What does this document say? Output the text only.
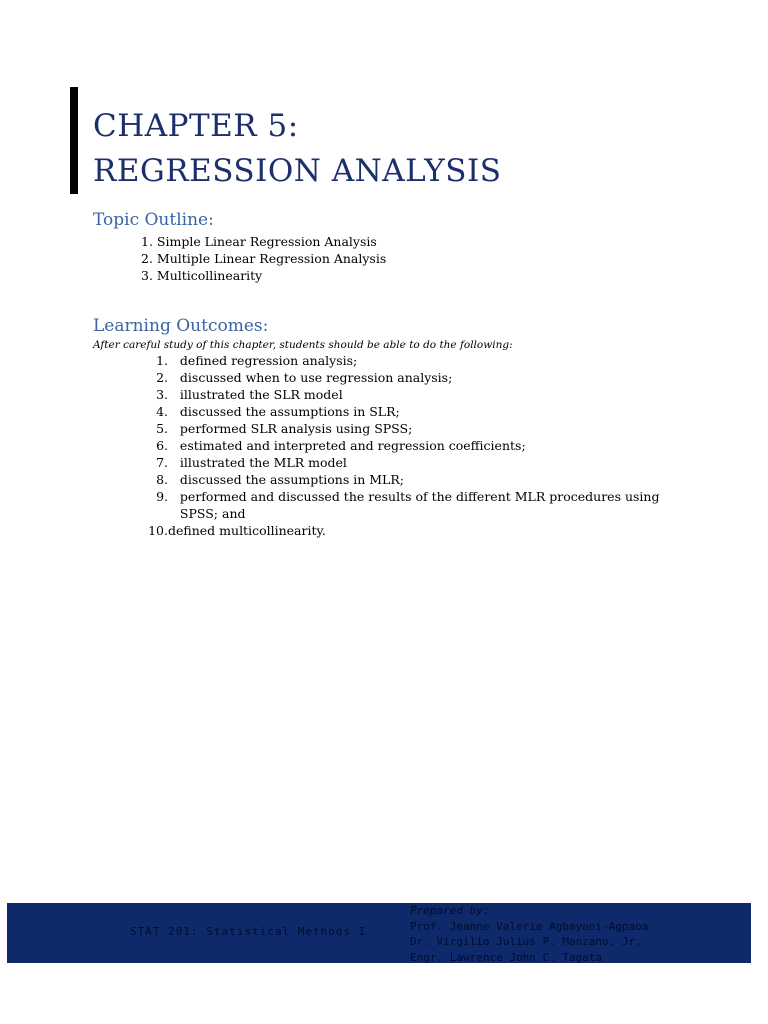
CHAPTER 5:
REGRESSION ANALYSIS
Topic Outline:
1. Simple Linear Regression Analysis
2. Multiple Linear Regression Analysis
3. Multicollinearity
Learning Outcomes:

After careful study of this chapter, students should be able to do the following:

1.
defined regression analysis;
2.
discussed when to use regression analysis;
3.
illustrated the SLR model
4.
discussed the assumptions in SLR;
5.
performed SLR analysis using SPSS;
6.
estimated and interpreted and regression coefficients;
7.
illustrated the MLR model
8.
discussed the assumptions in MLR;
9.
performed and discussed the results of the different MLR procedures using

SPSS; and
10. defined multicollinearity.
STAT 201: Statistical Methods I
Prepared by:
Prof. Jeanne Valerie Agbayani-Agpaoa
Dr. Virgilio Julius P. Manzano, Jr.
Engr. Lawrence John C. Tagata
